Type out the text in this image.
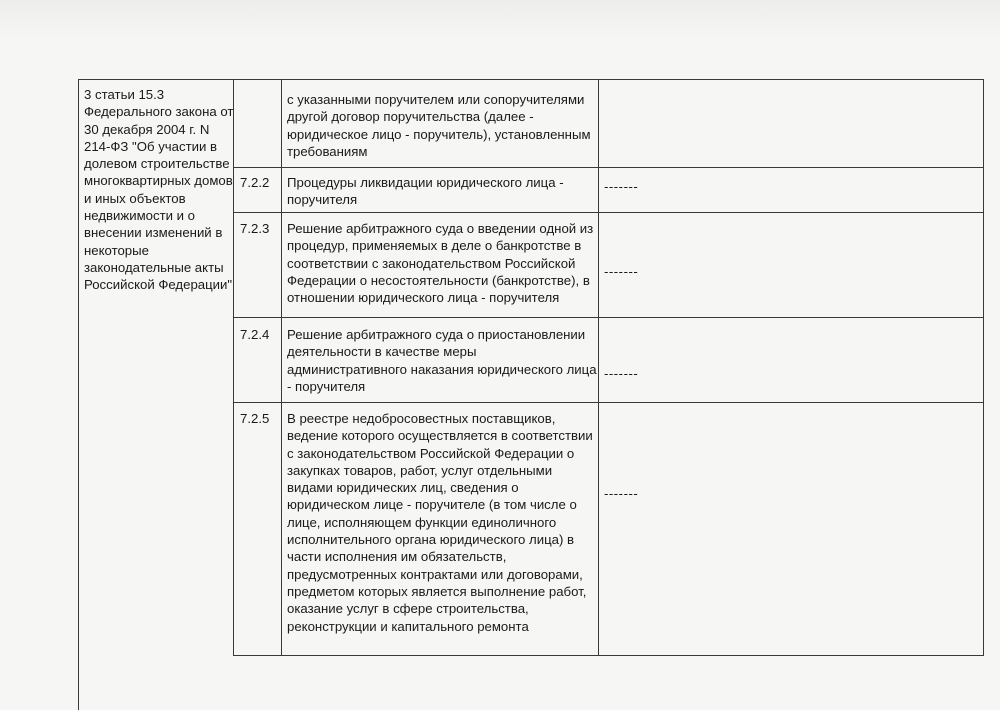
3 статьи 15.3 Федерального закона от 30 декабря 2004 г. N 214-ФЗ "Об участии в долевом строительстве многоквартирных домов и иных объектов недвижимости и о внесении изменений в некоторые законодательные акты Российской Федерации"
с указанными поручителем или сопоручителями другой договор поручительства (далее - юридическое лицо - поручитель), установленным требованиям
7.2.2 Процедуры ликвидации юридического лица - поручителя
-------
7.2.3 Решение арбитражного суда о введении одной из процедур, применяемых в деле о банкротстве в соответствии с законодательством Российской Федерации о несостоятельности (банкротстве), в отношении юридического лица - поручителя
-------
7.2.4 Решение арбитражного суда о приостановлении деятельности в качестве меры административного наказания юридического лица - поручителя
-------
7.2.5 В реестре недобросовестных поставщиков, ведение которого осуществляется в соответствии с законодательством Российской Федерации о закупках товаров, работ, услуг отдельными видами юридических лиц, сведения о юридическом лице - поручителе (в том числе о лице, исполняющем функции единоличного исполнительного органа юридического лица) в части исполнения им обязательств, предусмотренных контрактами или договорами, предметом которых является выполнение работ, оказание услуг в сфере строительства, реконструкции и капитального ремонта
-------
